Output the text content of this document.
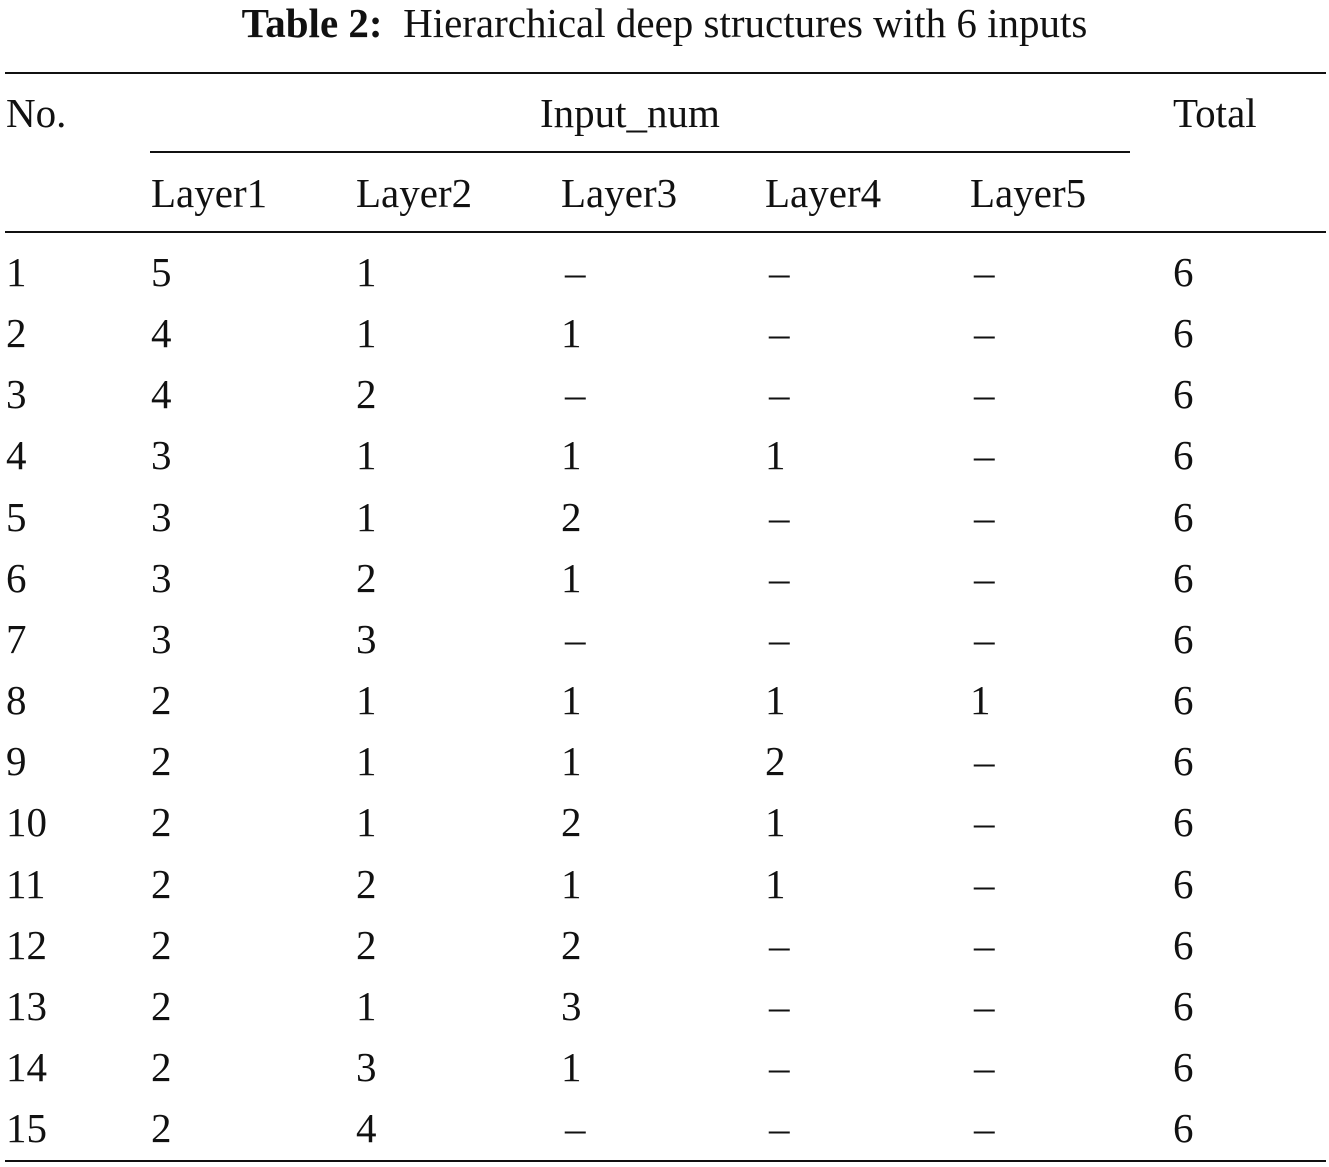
Table 2: Hierarchical deep structures with 6 inputs
No.	Input_num	Total
Layer1 Layer2 Layer3 Layer4 Layer5
1	5	1	–	–	–	6
2	4	1	1	–	–	6
3	4	2	–	–	–	6
4	3	1	1	1	–	6
5	3	1	2	–	–	6
6	3	2	1	–	–	6
7	3	3	–	–	–	6
8	2	1	1	1	1	6
9	2	1	1	2	–	6
10	2	1	2	1	–	6
11	2	2	1	1	–	6
12	2	2	2	–	–	6
13	2	1	3	–	–	6
14	2	3	1	–	–	6
15	2	4	–	–	–	6
